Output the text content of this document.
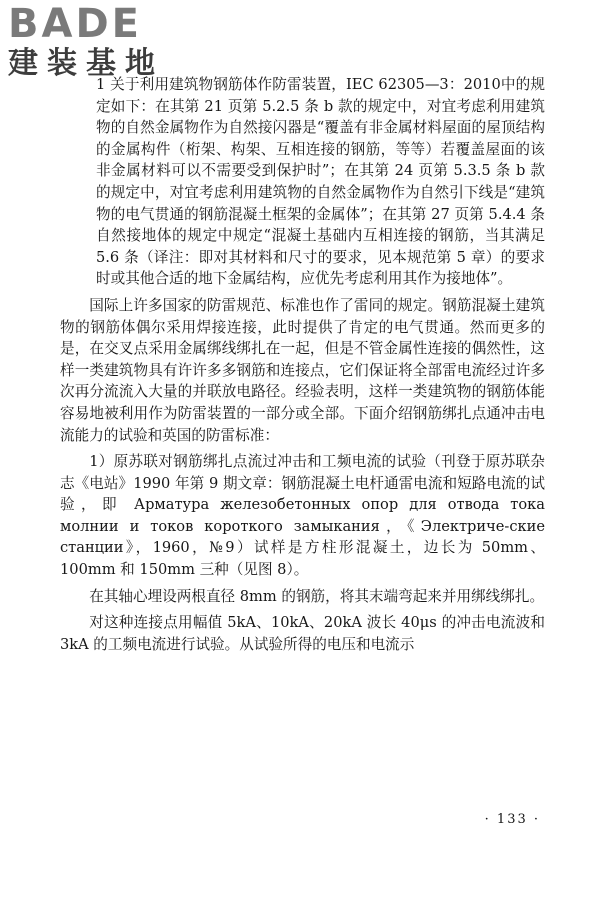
BADE
建装基地

1 关于利用建筑物钢筋体作防雷装置，IEC 62305—3：2010中的规定如下：在其第 21 页第 5.2.5 条 b 款的规定中，对宜考虑利用建筑物的自然金属物作为自然接闪器是“覆盖有非金属材料屋面的屋顶结构的金属构件（桁架、构架、互相连接的钢筋，等等）若覆盖屋面的该非金属材料可以不需要受到保护时”；在其第 24 页第 5.3.5 条 b 款的规定中，对宜考虑利用建筑物的自然金属物作为自然引下线是“建筑物的电气贯通的钢筋混凝土框架的金属体”；在其第 27 页第 5.4.4 条自然接地体的规定中规定“混凝土基础内互相连接的钢筋，当其满足 5.6 条（译注：即对其材料和尺寸的要求，见本规范第 5 章）的要求时或其他合适的地下金属结构，应优先考虑利用其作为接地体”。

国际上许多国家的防雷规范、标准也作了雷同的规定。钢筋混凝土建筑物的钢筋体偶尔采用焊接连接，此时提供了肯定的电气贯通。然而更多的是，在交叉点采用金属绑线绑扎在一起，但是不管金属性连接的偶然性，这样一类建筑物具有许许多多钢筋和连接点，它们保证将全部雷电流经过许多次再分流流入大量的并联放电路径。经验表明，这样一类建筑物的钢筋体能容易地被利用作为防雷装置的一部分或全部。下面介绍钢筋绑扎点通冲击电流能力的试验和英国的防雷标准：

1）原苏联对钢筋绑扎点流过冲击和工频电流的试验（刊登于原苏联杂志《电站》1990 年第 9 期文章：钢筋混凝土电杆通雷电流和短路电流的试验，即 Арматура железобетонных опор для отвода тока молнии и токов короткого замыкания，《Электриче-ские станции》，1960，№9）试样是方柱形混凝土，边长为 50mm、100mm 和 150mm 三种（见图 8）。

在其轴心埋设两根直径 8mm 的钢筋，将其末端弯起来并用绑线绑扎。

对这种连接点用幅值 5kA、10kA、20kA 波长 40μs 的冲击电流波和 3kA 的工频电流进行试验。从试验所得的电压和电流示

· 133 ·
